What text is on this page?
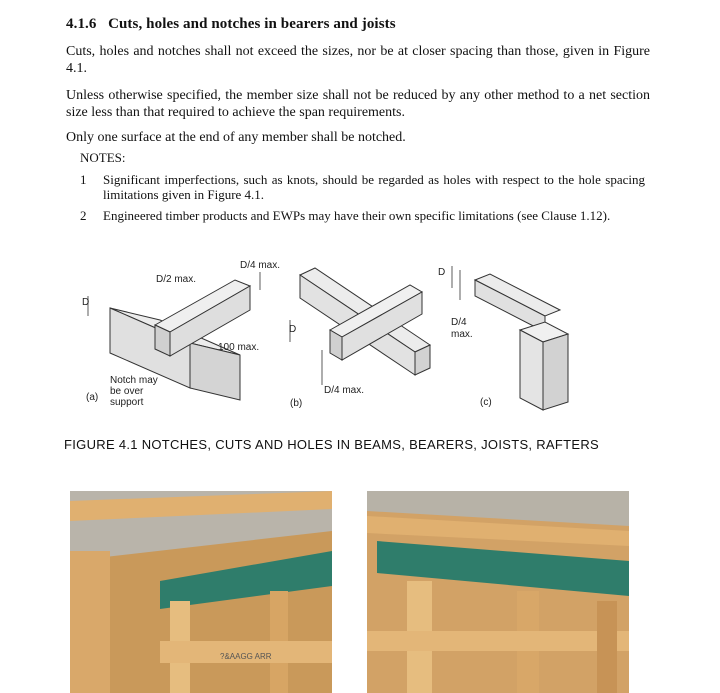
4.1.6 Cuts, holes and notches in bearers and joists
Cuts, holes and notches shall not exceed the sizes, nor be at closer spacing than those, given in Figure 4.1.
Unless otherwise specified, the member size shall not be reduced by any other method to a net section size less than that required to achieve the span requirements.
Only one surface at the end of any member shall be notched.
NOTES:
1 Significant imperfections, such as knots, should be regarded as holes with respect to the hole spacing limitations given in Figure 4.1.
2 Engineered timber products and EWPs may have their own specific limitations (see Clause 1.12).
D/4 max.
D/2 max.
D
100 max.
Notch may
be over
support
(a)
D
D/4 max.
(b)
D
D/4
max.
(c)
FIGURE 4.1 NOTCHES, CUTS AND HOLES IN BEAMS, BEARERS, JOISTS, RAFTERS
?&AAGG ARR
